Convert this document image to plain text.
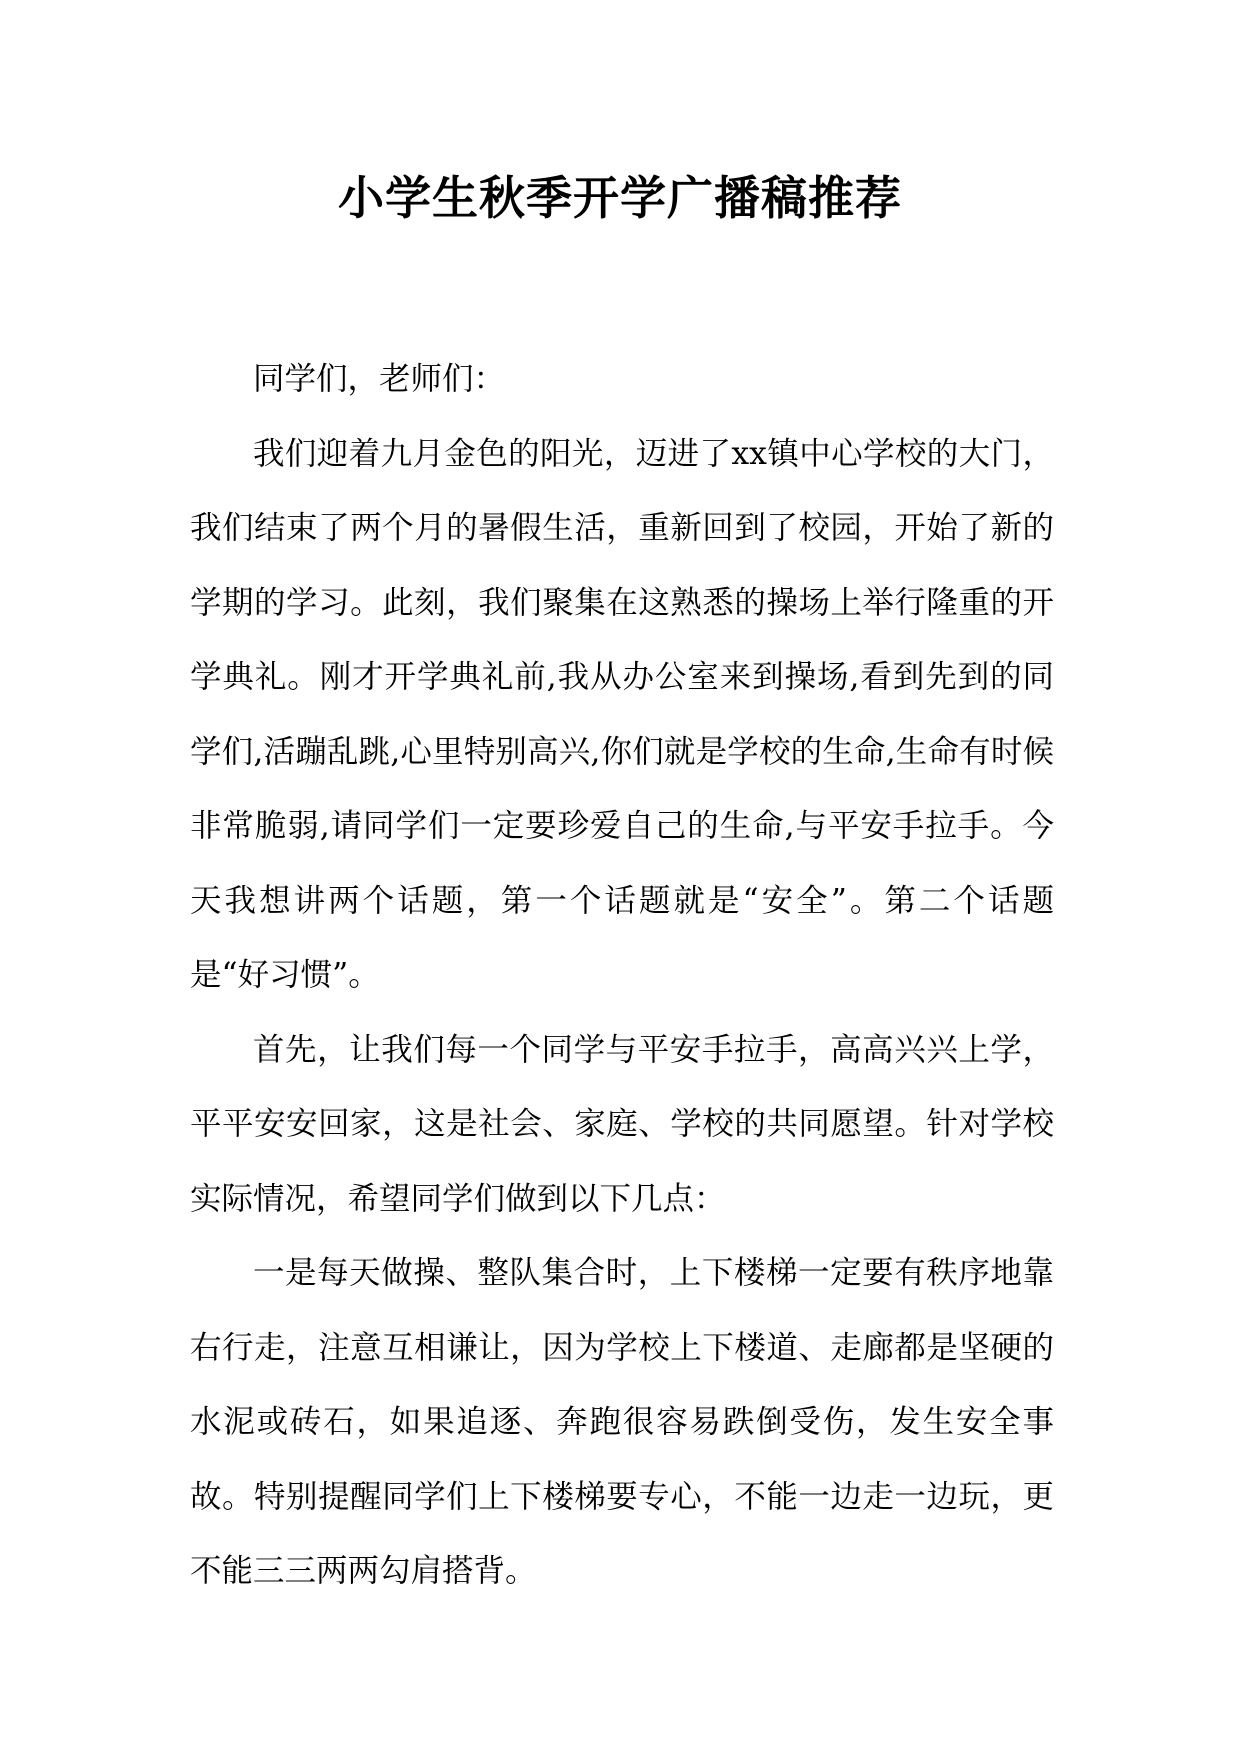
小学生秋季开学广播稿推荐

同学们，老师们：

我们迎着九月金色的阳光，迈进了xx镇中心学校的大门，我们结束了两个月的暑假生活，重新回到了校园，开始了新的学期的学习。此刻，我们聚集在这熟悉的操场上举行隆重的开学典礼。刚才开学典礼前,我从办公室来到操场,看到先到的同学们,活蹦乱跳,心里特别高兴,你们就是学校的生命,生命有时候非常脆弱,请同学们一定要珍爱自己的生命,与平安手拉手。今天我想讲两个话题，第一个话题就是“安全”。第二个话题是“好习惯”。

首先，让我们每一个同学与平安手拉手，高高兴兴上学，平平安安回家，这是社会、家庭、学校的共同愿望。针对学校实际情况，希望同学们做到以下几点：

一是每天做操、整队集合时，上下楼梯一定要有秩序地靠右行走，注意互相谦让，因为学校上下楼道、走廊都是坚硬的水泥或砖石，如果追逐、奔跑很容易跌倒受伤，发生安全事故。特别提醒同学们上下楼梯要专心，不能一边走一边玩，更不能三三两两勾肩搭背。
